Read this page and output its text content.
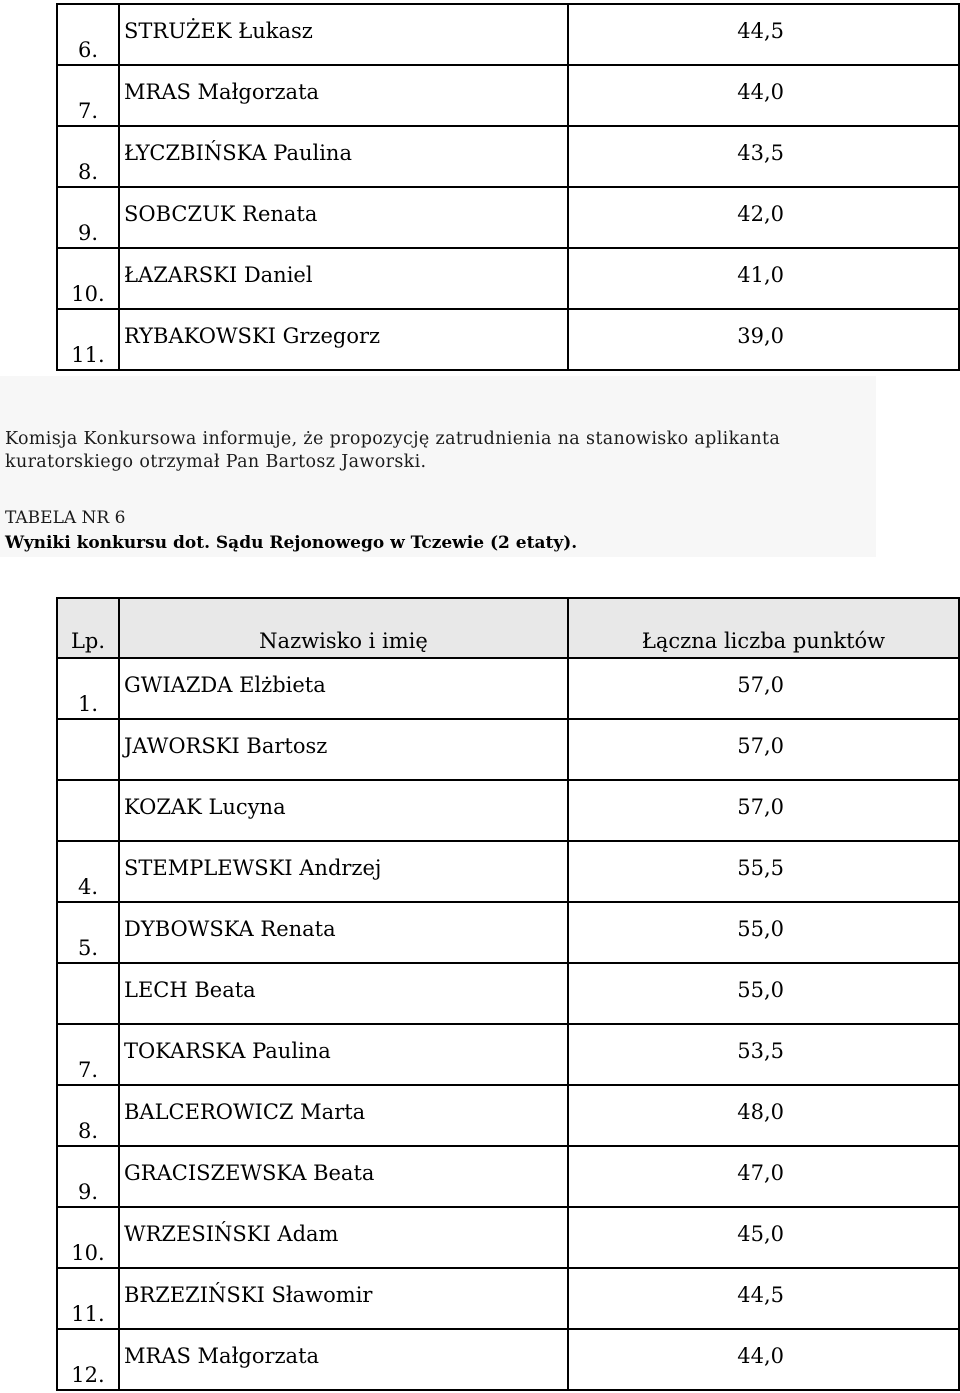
6.	STRUŻEK Łukasz	44,5

7.	MRAS Małgorzata	44,0

8.	ŁYCZBIŃSKA Paulina	43,5

9.	SOBCZUK Renata	42,0

10.	ŁAZARSKI Daniel	41,0

11.	RYBAKOWSKI Grzegorz	39,0

Komisja Konkursowa informuje, że propozycję zatrudnienia na stanowisko aplikanta kuratorskiego otrzymał Pan Bartosz Jaworski.

TABELA NR 6
Wyniki konkursu dot. Sądu Rejonowego w Tczewie (2 etaty).
Lp.	Nazwisko i imię	Łączna liczba punktów

1.	GWIAZDA Elżbieta	57,0

	JAWORSKI Bartosz	57,0

	KOZAK Lucyna	57,0

4.	STEMPLEWSKI Andrzej	55,5

5.	DYBOWSKA Renata	55,0

	LECH Beata	55,0

7.	TOKARSKA Paulina	53,5

8.	BALCEROWICZ Marta	48,0

9.	GRACISZEWSKA Beata	47,0

10.	WRZESIŃSKI Adam	45,0

11.	BRZEZIŃSKI Sławomir	44,5

12.	MRAS Małgorzata	44,0
